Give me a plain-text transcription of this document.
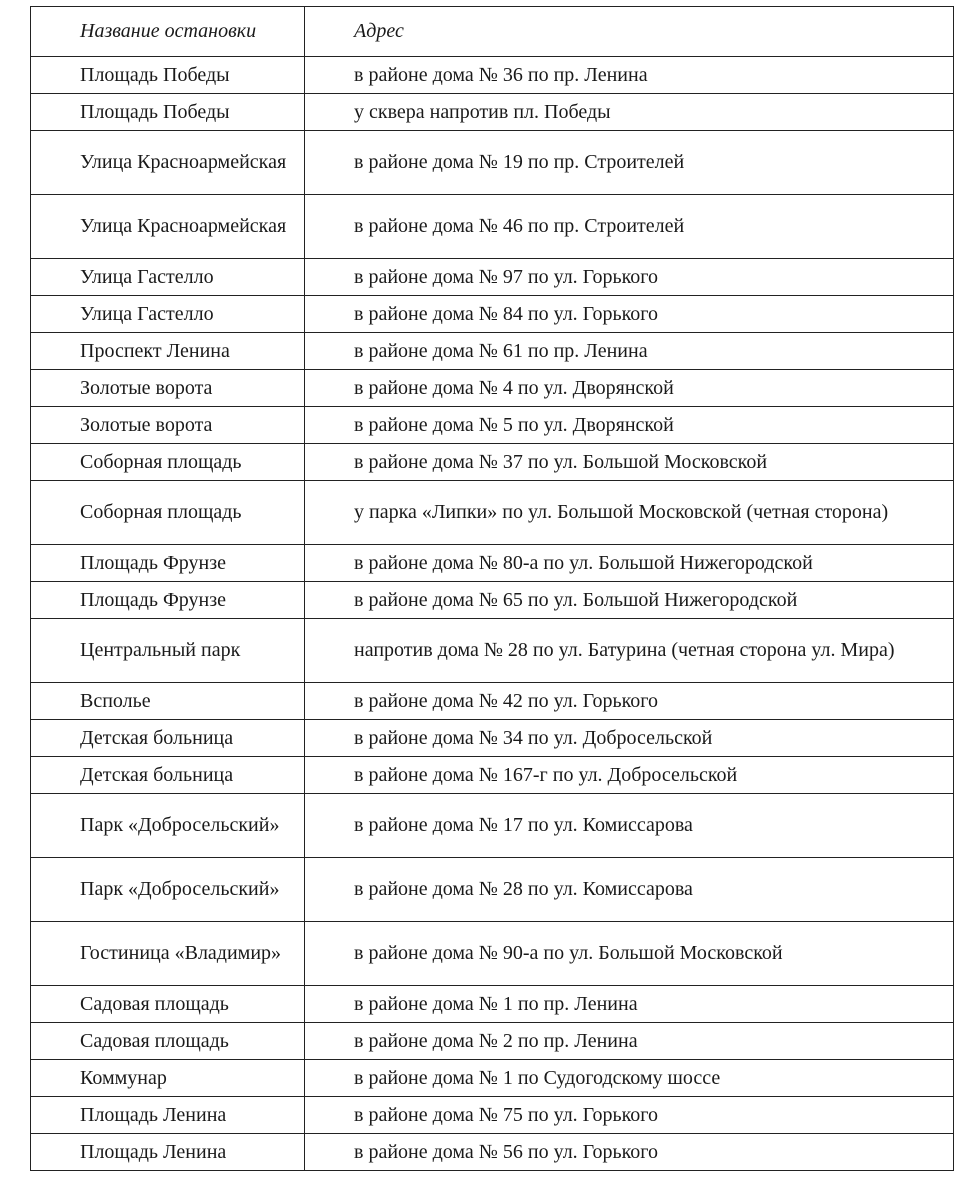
Название остановки	Адрес
Площадь Победы	в районе дома № 36 по пр. Ленина
Площадь Победы	у сквера напротив пл. Победы
Улица Красноармейская	в районе дома № 19 по пр. Строителей
Улица Красноармейская	в районе дома № 46 по пр. Строителей
Улица Гастелло	в районе дома № 97 по ул. Горького
Улица Гастелло	в районе дома № 84 по ул. Горького
Проспект Ленина	в районе дома № 61 по пр. Ленина
Золотые ворота	в районе дома № 4 по ул. Дворянской
Золотые ворота	в районе дома № 5 по ул. Дворянской
Соборная площадь	в районе дома № 37 по ул. Большой Московской
Соборная площадь	у парка «Липки» по ул. Большой Московской (четная сторона)
Площадь Фрунзе	в районе дома № 80-а по ул. Большой Нижегородской
Площадь Фрунзе	в районе дома № 65 по ул. Большой Нижегородской
Центральный парк	напротив дома № 28 по ул. Батурина (четная сторона ул. Мира)
Всполье	в районе дома № 42 по ул. Горького
Детская больница	в районе дома № 34 по ул. Добросельской
Детская больница	в районе дома № 167-г по ул. Добросельской
Парк «Добросельский»	в районе дома № 17 по ул. Комиссарова
Парк «Добросельский»	в районе дома № 28 по ул. Комиссарова
Гостиница «Владимир»	в районе дома № 90-а по ул. Большой Московской
Садовая площадь	в районе дома № 1 по пр. Ленина
Садовая площадь	в районе дома № 2 по пр. Ленина
Коммунар	в районе дома № 1 по Судогодскому шоссе
Площадь Ленина	в районе дома № 75 по ул. Горького
Площадь Ленина	в районе дома № 56 по ул. Горького
